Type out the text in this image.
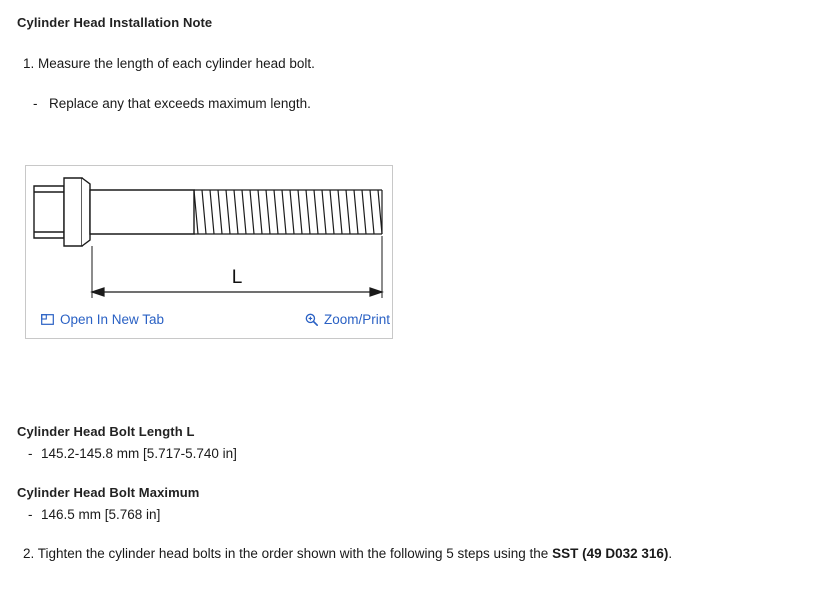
Cylinder Head Installation Note
1. Measure the length of each cylinder head bolt.
- Replace any that exceeds maximum length.
L
Open In New Tab	Zoom/Print
Cylinder Head Bolt Length L
- 145.2-145.8 mm [5.717-5.740 in]
Cylinder Head Bolt Maximum
- 146.5 mm [5.768 in]
2. Tighten the cylinder head bolts in the order shown with the following 5 steps using the SST (49 D032 316).
